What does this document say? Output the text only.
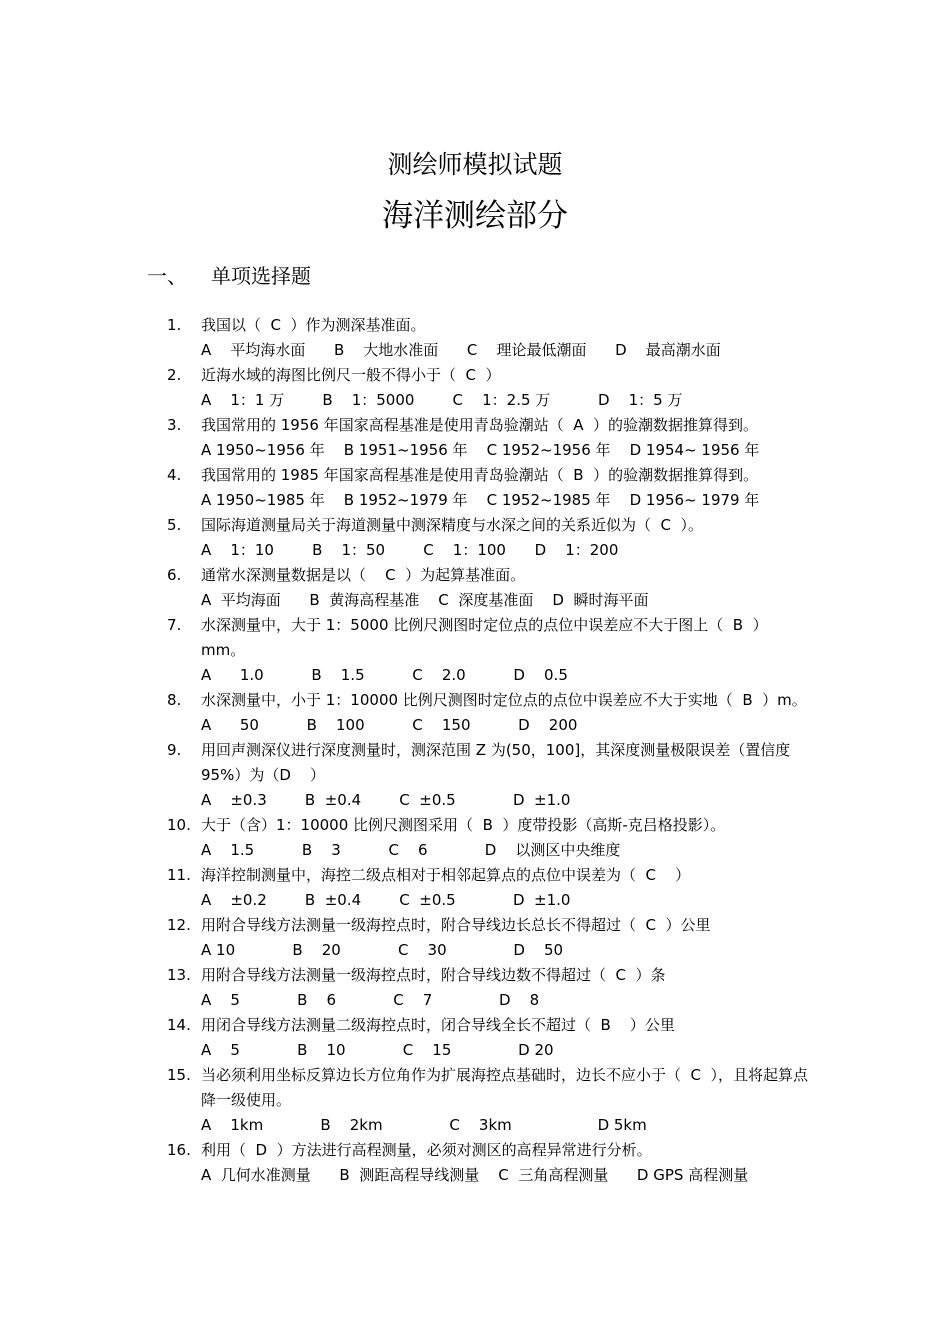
测绘师模拟试题
海洋测绘部分
一、 单项选择题
1.	我国以（  C  ）作为测深基准面。
A    平均海水面      B    大地水准面      C    理论最低潮面      D    最高潮水面
2.	近海水域的海图比例尺一般不得小于（  C  ）
A    1：1 万        B    1：5000        C    1：2.5 万          D    1：5 万
3.	我国常用的 1956 年国家高程基准是使用青岛验潮站（  A  ）的验潮数据推算得到。
A 1950~1956 年    B 1951~1956 年    C 1952~1956 年    D 1954~ 1956 年
4.	我国常用的 1985 年国家高程基准是使用青岛验潮站（  B  ）的验潮数据推算得到。
A 1950~1985 年    B 1952~1979 年    C 1952~1985 年    D 1956~ 1979 年
5.	国际海道测量局关于海道测量中测深精度与水深之间的关系近似为（  C  ）。
A    1：10        B    1：50        C    1：100      D    1：200
6.	通常水深测量数据是以（    C  ）为起算基准面。
A  平均海面      B  黄海高程基准    C  深度基准面    D  瞬时海平面
7.	水深测量中，大于 1：5000 比例尺测图时定位点的点位中误差应不大于图上（  B  ）mm。
A      1.0          B    1.5          C    2.0          D    0.5
8.	水深测量中，小于 1：10000 比例尺测图时定位点的点位中误差应不大于实地（  B  ）m。
A      50          B    100          C    150          D    200
9.	用回声测深仪进行深度测量时，测深范围 Z 为(50，100]，其深度测量极限误差（置信度 95%）为（D    ）
A    ±0.3        B  ±0.4        C  ±0.5            D  ±1.0
10. 大于（含）1：10000 比例尺测图采用（  B  ）度带投影（高斯-克吕格投影）。
A    1.5          B    3          C    6            D    以测区中央维度
11. 海洋控制测量中，海控二级点相对于相邻起算点的点位中误差为（  C    ）
A    ±0.2        B  ±0.4        C  ±0.5            D  ±1.0
12. 用附合导线方法测量一级海控点时，附合导线边长总长不得超过（  C  ）公里
A 10            B    20            C    30              D    50
13. 用附合导线方法测量一级海控点时，附合导线边数不得超过（  C  ）条
A    5            B    6            C    7              D    8
14. 用闭合导线方法测量二级海控点时，闭合导线全长不超过（  B    ）公里
A    5            B    10            C    15              D 20
15. 当必须利用坐标反算边长方位角作为扩展海控点基础时，边长不应小于（  C  ），且将起算点降一级使用。
A    1km            B    2km              C    3km                  D 5km
16. 利用（  D  ）方法进行高程测量，必须对测区的高程异常进行分析。
A  几何水准测量      B  测距高程导线测量    C  三角高程测量      D GPS 高程测量
